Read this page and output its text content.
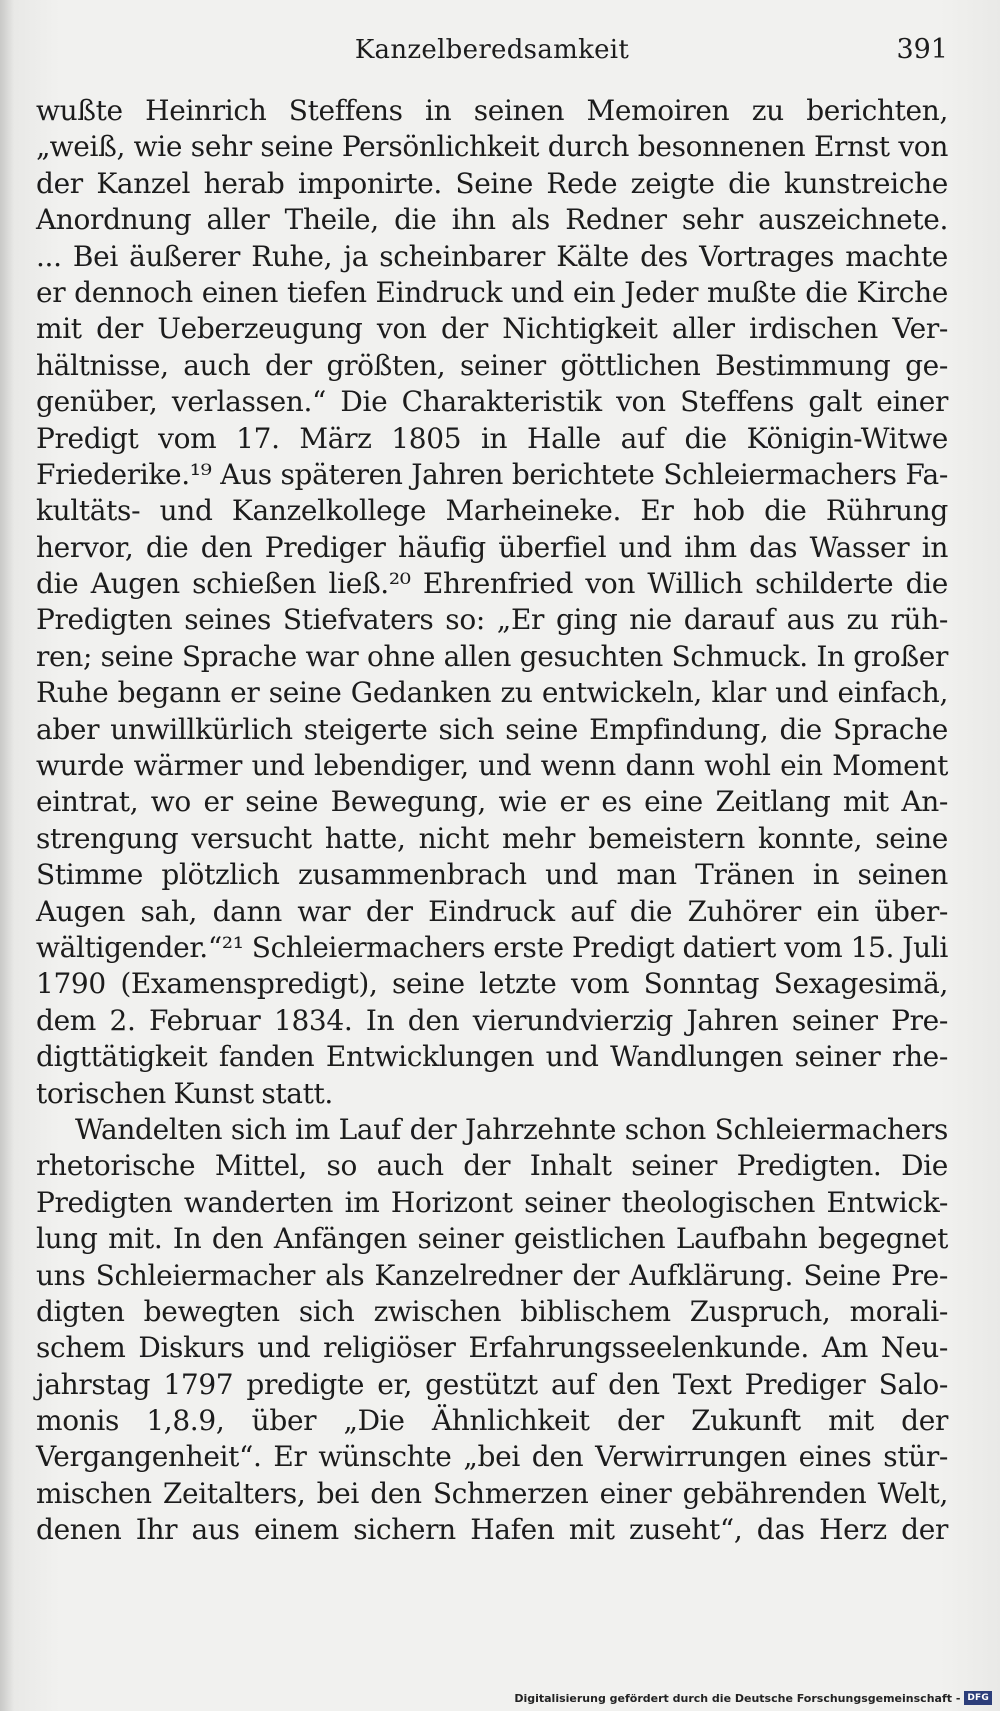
Kanzelberedsamkeit	391
wußte Heinrich Steffens in seinen Memoiren zu berichten,
„weiß, wie sehr seine Persönlichkeit durch besonnenen Ernst von
der Kanzel herab imponirte. Seine Rede zeigte die kunstreiche
Anordnung aller Theile, die ihn als Redner sehr auszeichnete.
... Bei äußerer Ruhe, ja scheinbarer Kälte des Vortrages machte
er dennoch einen tiefen Eindruck und ein Jeder mußte die Kirche
mit der Ueberzeugung von der Nichtigkeit aller irdischen Ver-
hältnisse, auch der größten, seiner göttlichen Bestimmung ge-
genüber, verlassen.“ Die Charakteristik von Steffens galt einer
Predigt vom 17. März 1805 in Halle auf die Königin-Witwe
Friederike.¹⁹ Aus späteren Jahren berichtete Schleiermachers Fa-
kultäts- und Kanzelkollege Marheineke. Er hob die Rührung
hervor, die den Prediger häufig überfiel und ihm das Wasser in
die Augen schießen ließ.²⁰ Ehrenfried von Willich schilderte die
Predigten seines Stiefvaters so: „Er ging nie darauf aus zu rüh-
ren; seine Sprache war ohne allen gesuchten Schmuck. In großer
Ruhe begann er seine Gedanken zu entwickeln, klar und einfach,
aber unwillkürlich steigerte sich seine Empfindung, die Sprache
wurde wärmer und lebendiger, und wenn dann wohl ein Moment
eintrat, wo er seine Bewegung, wie er es eine Zeitlang mit An-
strengung versucht hatte, nicht mehr bemeistern konnte, seine
Stimme plötzlich zusammenbrach und man Tränen in seinen
Augen sah, dann war der Eindruck auf die Zuhörer ein über-
wältigender.“²¹ Schleiermachers erste Predigt datiert vom 15. Juli
1790 (Examenspredigt), seine letzte vom Sonntag Sexagesimä,
dem 2. Februar 1834. In den vierundvierzig Jahren seiner Pre-
digttätigkeit fanden Entwicklungen und Wandlungen seiner rhe-
torischen Kunst statt.
Wandelten sich im Lauf der Jahrzehnte schon Schleiermachers
rhetorische Mittel, so auch der Inhalt seiner Predigten. Die
Predigten wanderten im Horizont seiner theologischen Entwick-
lung mit. In den Anfängen seiner geistlichen Laufbahn begegnet
uns Schleiermacher als Kanzelredner der Aufklärung. Seine Pre-
digten bewegten sich zwischen biblischem Zuspruch, morali-
schem Diskurs und religiöser Erfahrungsseelenkunde. Am Neu-
jahrstag 1797 predigte er, gestützt auf den Text Prediger Salo-
monis 1,8.9, über „Die Ähnlichkeit der Zukunft mit der
Vergangenheit“. Er wünschte „bei den Verwirrungen eines stür-
mischen Zeitalters, bei den Schmerzen einer gebährenden Welt,
denen Ihr aus einem sichern Hafen mit zuseht“, das Herz der
Digitalisierung gefördert durch die Deutsche Forschungsgemeinschaft - DFG
